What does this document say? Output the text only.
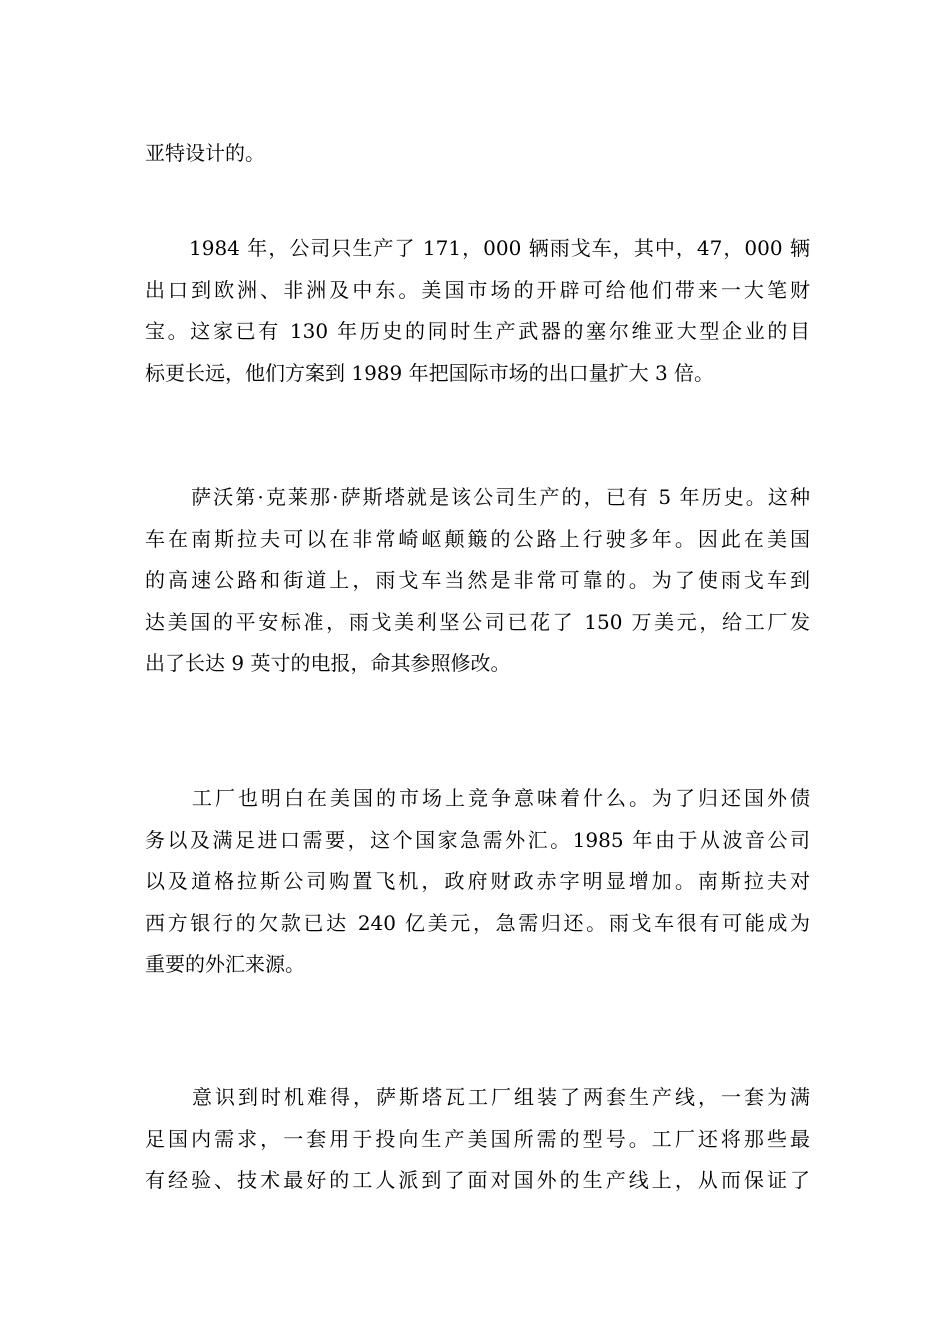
亚特设计的。
1984 年，公司只生产了 171，000 辆雨戈车，其中，47，000 辆
出口到欧洲、非洲及中东。美国市场的开辟可给他们带来一大笔财
宝。这家已有 130 年历史的同时生产武器的塞尔维亚大型企业的目
标更长远，他们方案到 1989 年把国际市场的出口量扩大 3 倍。
萨沃第·克莱那·萨斯塔就是该公司生产的，已有 5 年历史。这种
车在南斯拉夫可以在非常崎岖颠簸的公路上行驶多年。因此在美国
的高速公路和街道上，雨戈车当然是非常可靠的。为了使雨戈车到
达美国的平安标准，雨戈美利坚公司已花了 150 万美元，给工厂发
出了长达 9 英寸的电报，命其参照修改。
工厂也明白在美国的市场上竞争意味着什么。为了归还国外债
务以及满足进口需要，这个国家急需外汇。1985 年由于从波音公司
以及道格拉斯公司购置飞机，政府财政赤字明显增加。南斯拉夫对
西方银行的欠款已达 240 亿美元，急需归还。雨戈车很有可能成为
重要的外汇来源。
意识到时机难得，萨斯塔瓦工厂组装了两套生产线，一套为满
足国内需求，一套用于投向生产美国所需的型号。工厂还将那些最
有经验、技术最好的工人派到了面对国外的生产线上，从而保证了
